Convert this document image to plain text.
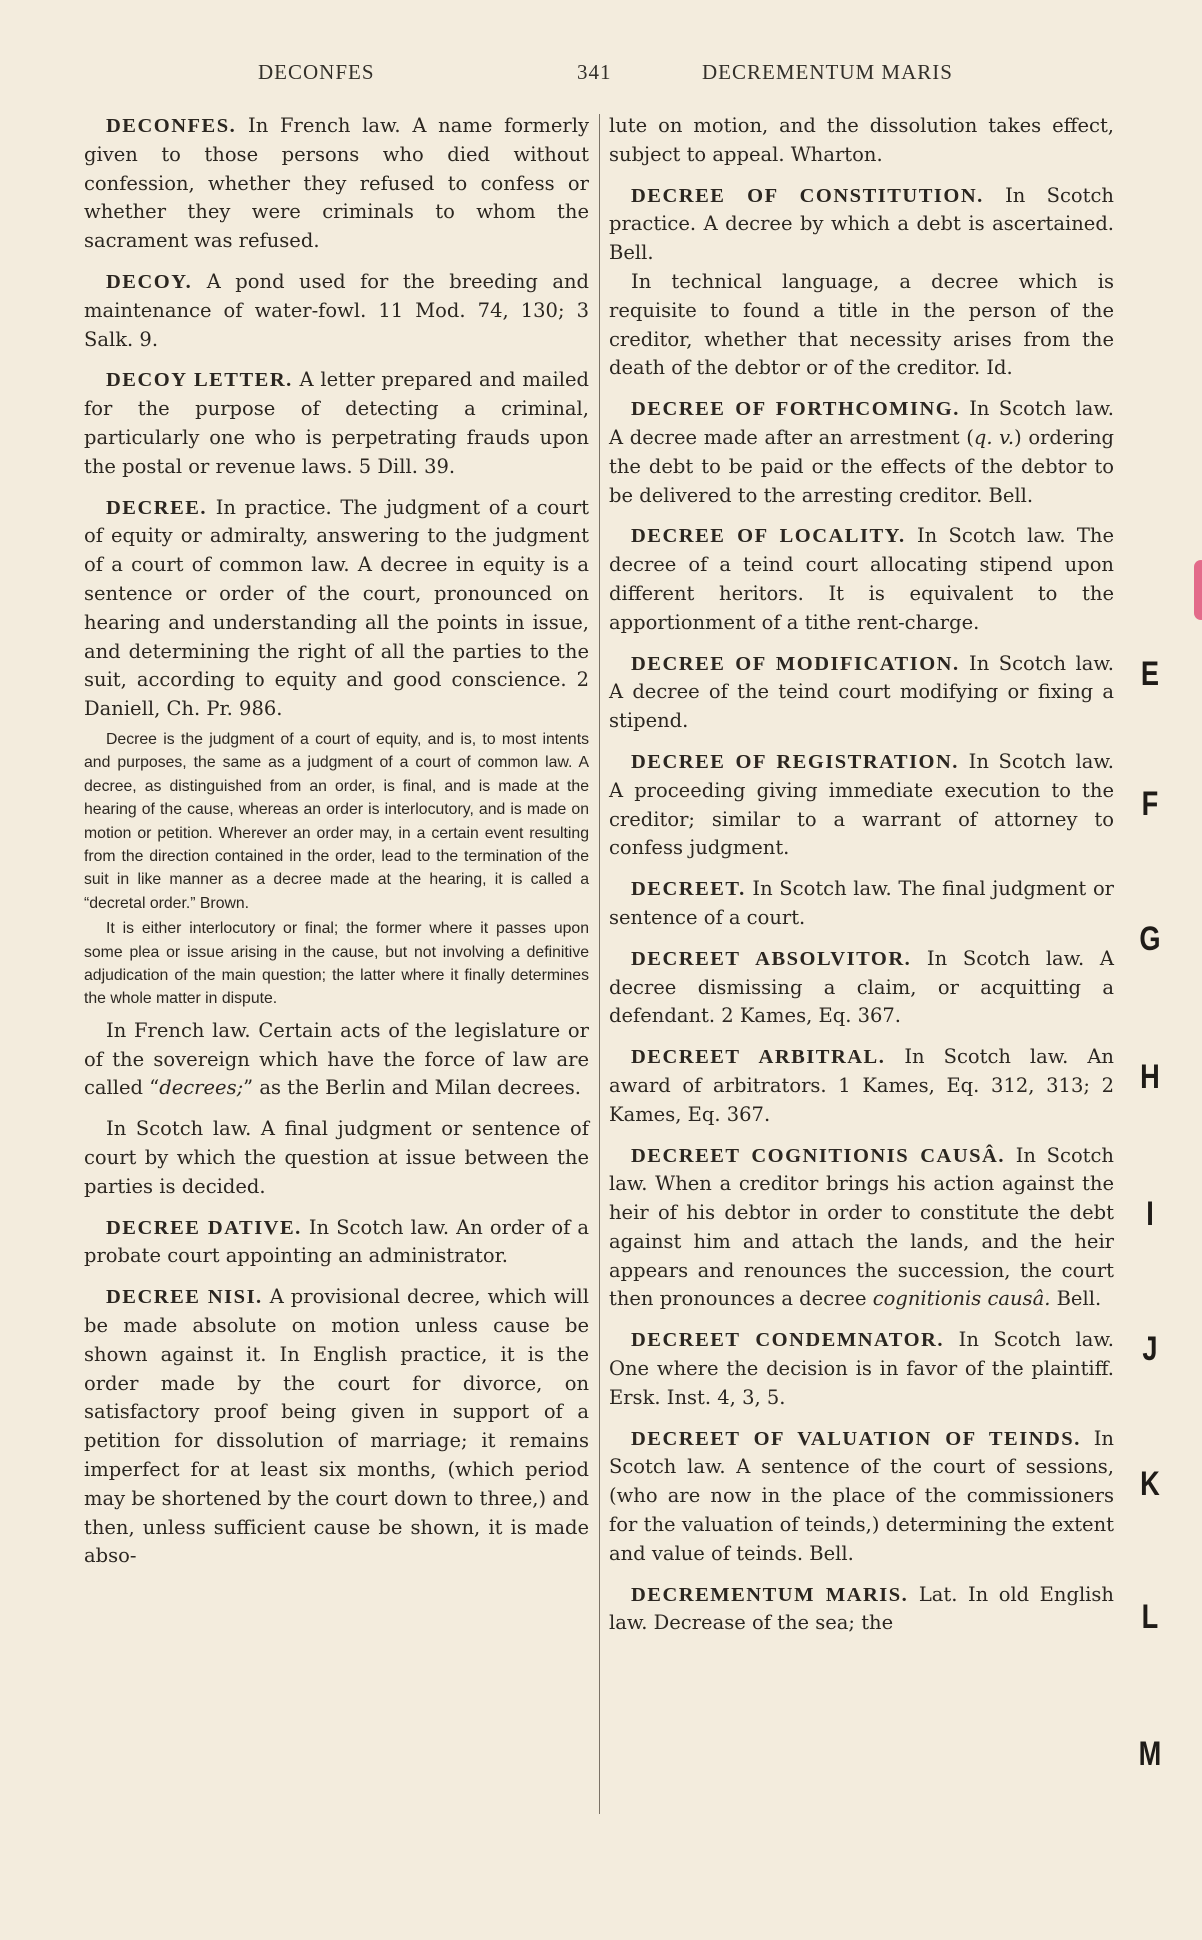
DECONFES	341	DECREMENTUM MARIS

DECONFES. In French law. A name formerly given to those persons who died without confession, whether they refused to confess or whether they were criminals to whom the sacrament was refused.

DECOY. A pond used for the breeding and maintenance of water-fowl. 11 Mod. 74, 130; 3 Salk. 9.

DECOY LETTER. A letter prepared and mailed for the purpose of detecting a criminal, particularly one who is perpetrating frauds upon the postal or revenue laws. 5 Dill. 39.

DECREE. In practice. The judgment of a court of equity or admiralty, answering to the judgment of a court of common law. A decree in equity is a sentence or order of the court, pronounced on hearing and understanding all the points in issue, and determining the right of all the parties to the suit, according to equity and good conscience. 2 Daniell, Ch. Pr. 986.

Decree is the judgment of a court of equity, and is, to most intents and purposes, the same as a judgment of a court of common law. A decree, as distinguished from an order, is final, and is made at the hearing of the cause, whereas an order is interlocutory, and is made on motion or petition. Wherever an order may, in a certain event resulting from the direction contained in the order, lead to the termination of the suit in like manner as a decree made at the hearing, it is called a “decretal order.” Brown.

It is either interlocutory or final; the former where it passes upon some plea or issue arising in the cause, but not involving a definitive adjudication of the main question; the latter where it finally determines the whole matter in dispute.

In French law. Certain acts of the legislature or of the sovereign which have the force of law are called “decrees;” as the Berlin and Milan decrees.

In Scotch law. A final judgment or sentence of court by which the question at issue between the parties is decided.

DECREE DATIVE. In Scotch law. An order of a probate court appointing an administrator.

DECREE NISI. A provisional decree, which will be made absolute on motion unless cause be shown against it. In English practice, it is the order made by the court for divorce, on satisfactory proof being given in support of a petition for dissolution of marriage; it remains imperfect for at least six months, (which period may be shortened by the court down to three,) and then, unless sufficient cause be shown, it is made abso-

lute on motion, and the dissolution takes effect, subject to appeal. Wharton.

DECREE OF CONSTITUTION. In Scotch practice. A decree by which a debt is ascertained. Bell.

In technical language, a decree which is requisite to found a title in the person of the creditor, whether that necessity arises from the death of the debtor or of the creditor. Id.

DECREE OF FORTHCOMING. In Scotch law. A decree made after an arrestment (q. v.) ordering the debt to be paid or the effects of the debtor to be delivered to the arresting creditor. Bell.

DECREE OF LOCALITY. In Scotch law. The decree of a teind court allocating stipend upon different heritors. It is equivalent to the apportionment of a tithe rent-charge.

DECREE OF MODIFICATION. In Scotch law. A decree of the teind court modifying or fixing a stipend.

DECREE OF REGISTRATION. In Scotch law. A proceeding giving immediate execution to the creditor; similar to a warrant of attorney to confess judgment.

DECREET. In Scotch law. The final judgment or sentence of a court.

DECREET ABSOLVITOR. In Scotch law. A decree dismissing a claim, or acquitting a defendant. 2 Kames, Eq. 367.

DECREET ARBITRAL. In Scotch law. An award of arbitrators. 1 Kames, Eq. 312, 313; 2 Kames, Eq. 367.

DECREET COGNITIONIS CAUSÂ. In Scotch law. When a creditor brings his action against the heir of his debtor in order to constitute the debt against him and attach the lands, and the heir appears and renounces the succession, the court then pronounces a decree cognitionis causâ. Bell.

DECREET CONDEMNATOR. In Scotch law. One where the decision is in favor of the plaintiff. Ersk. Inst. 4, 3, 5.

DECREET OF VALUATION OF TEINDS. In Scotch law. A sentence of the court of sessions, (who are now in the place of the commissioners for the valuation of teinds,) determining the extent and value of teinds. Bell.

DECREMENTUM MARIS. Lat. In old English law. Decrease of the sea; the

E
F
G
H
I
J
K
L
M
